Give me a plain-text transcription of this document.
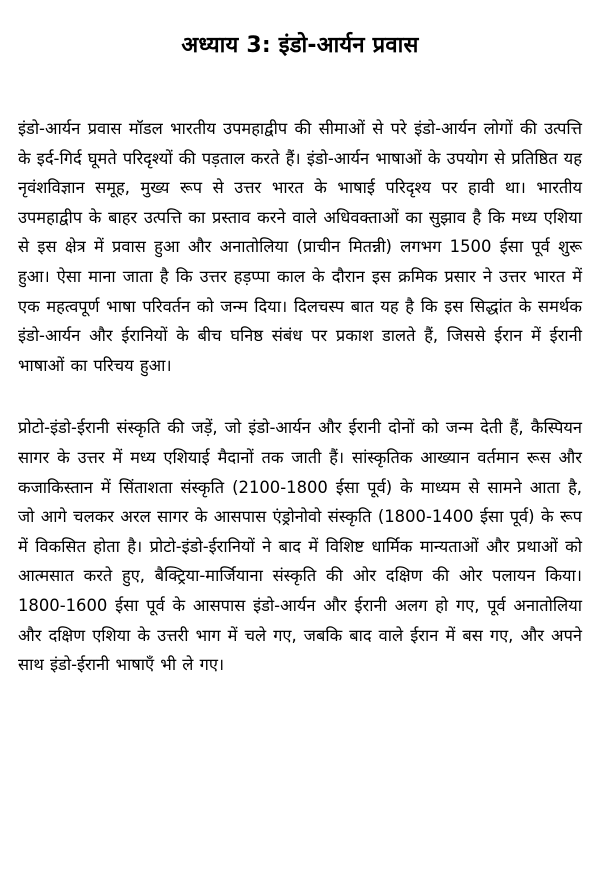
अध्याय 3: इंडो-आर्यन प्रवास

इंडो-आर्यन प्रवास मॉडल भारतीय उपमहाद्वीप की सीमाओं से परे इंडो-आर्यन लोगों की उत्पत्ति के इर्द-गिर्द घूमते परिदृश्यों की पड़ताल करते हैं। इंडो-आर्यन भाषाओं के उपयोग से प्रतिष्ठित यह नृवंशविज्ञान समूह, मुख्य रूप से उत्तर भारत के भाषाई परिदृश्य पर हावी था। भारतीय उपमहाद्वीप के बाहर उत्पत्ति का प्रस्ताव करने वाले अधिवक्ताओं का सुझाव है कि मध्य एशिया से इस क्षेत्र में प्रवास हुआ और अनातोलिया (प्राचीन मितन्नी) लगभग 1500 ईसा पूर्व शुरू हुआ। ऐसा माना जाता है कि उत्तर हड़प्पा काल के दौरान इस क्रमिक प्रसार ने उत्तर भारत में एक महत्वपूर्ण भाषा परिवर्तन को जन्म दिया। दिलचस्प बात यह है कि इस सिद्धांत के समर्थक इंडो-आर्यन और ईरानियों के बीच घनिष्ठ संबंध पर प्रकाश डालते हैं, जिससे ईरान में ईरानी भाषाओं का परिचय हुआ।

प्रोटो-इंडो-ईरानी संस्कृति की जड़ें, जो इंडो-आर्यन और ईरानी दोनों को जन्म देती हैं, कैस्पियन सागर के उत्तर में मध्य एशियाई मैदानों तक जाती हैं। सांस्कृतिक आख्यान वर्तमान रूस और कजाकिस्तान में सिंताशता संस्कृति (2100-1800 ईसा पूर्व) के माध्यम से सामने आता है, जो आगे चलकर अरल सागर के आसपास एंड्रोनोवो संस्कृति (1800-1400 ईसा पूर्व) के रूप में विकसित होता है। प्रोटो-इंडो-ईरानियों ने बाद में विशिष्ट धार्मिक मान्यताओं और प्रथाओं को आत्मसात करते हुए, बैक्ट्रिया-मार्जियाना संस्कृति की ओर दक्षिण की ओर पलायन किया। 1800-1600 ईसा पूर्व के आसपास इंडो-आर्यन और ईरानी अलग हो गए, पूर्व अनातोलिया और दक्षिण एशिया के उत्तरी भाग में चले गए, जबकि बाद वाले ईरान में बस गए, और अपने साथ इंडो-ईरानी भाषाएँ भी ले गए।
